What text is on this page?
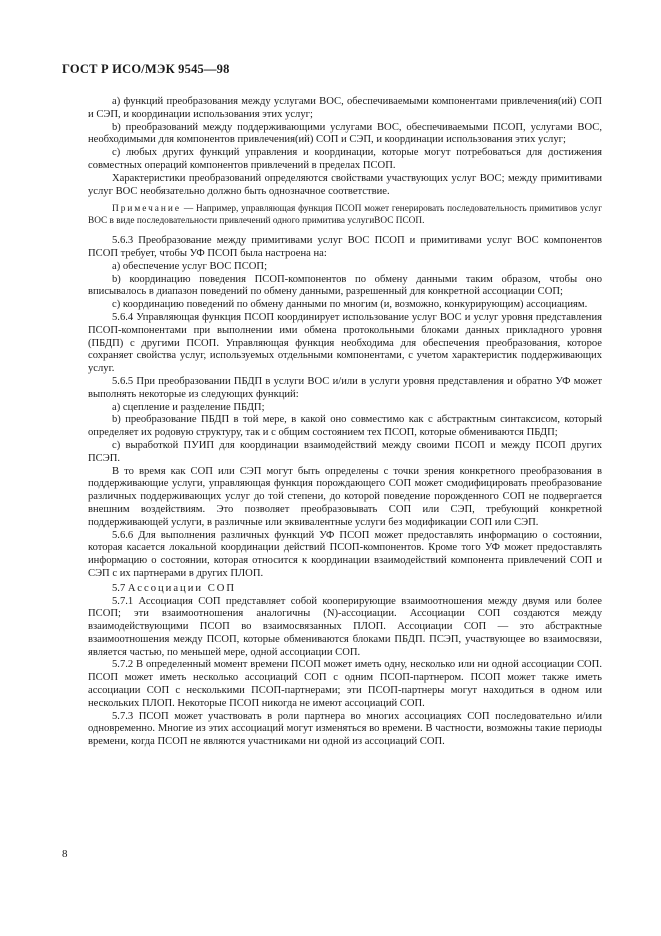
ГОСТ Р ИСО/МЭК 9545—98

а) функций преобразования между услугами ВОС, обеспечиваемыми компонентами привлечения(ий) СОП и СЭП, и координации использования этих услуг;

b) преобразований между поддерживающими услугами ВОС, обеспечиваемыми ПСОП, услугами ВОС, необходимыми для компонентов привлечения(ий) СОП и СЭП, и координации использования этих услуг;

с) любых других функций управления и координации, которые могут потребоваться для достижения совместных операций компонентов привлечений в пределах ПСОП.

Характеристики преобразований определяются свойствами участвующих услуг ВОС; между примитивами услуг ВОС необязательно должно быть однозначное соответствие.

Примечание — Например, управляющая функция ПСОП может генерировать последовательность примитивов услуг ВОС в виде последовательности привлечений одного примитива услугиВОС ПСОП.

5.6.3 Преобразование между примитивами услуг ВОС ПСОП и примитивами услуг ВОС компонентов ПСОП требует, чтобы УФ ПСОП была настроена на:

а) обеспечение услуг ВОС ПСОП;

b) координацию поведения ПСОП-компонентов по обмену данными таким образом, чтобы оно вписывалось в диапазон поведений по обмену данными, разрешенный для конкретной ассоциации СОП;

с) координацию поведений по обмену данными по многим (и, возможно, конкурирующим) ассоциациям.

5.6.4 Управляющая функция ПСОП координирует использование услуг ВОС и услуг уровня представления ПСОП-компонентами при выполнении ими обмена протокольными блоками данных прикладного уровня (ПБДП) с другими ПСОП. Управляющая функция необходима для обеспечения преобразования, которое сохраняет свойства услуг, используемых отдельными компонентами, с учетом характеристик поддерживающих услуг.

5.6.5 При преобразовании ПБДП в услуги ВОС и/или в услуги уровня представления и обратно УФ может выполнять некоторые из следующих функций:

а) сцепление и разделение ПБДП;

b) преобразование ПБДП в той мере, в какой оно совместимо как с абстрактным синтаксисом, который определяет их родовую структуру, так и с общим состоянием тех ПСОП, которые обмениваются ПБДП;

с) выработкой ПУИП для координации взаимодействий между своими ПСОП и между ПСОП других ПСЭП.

В то время как СОП или СЭП могут быть определены с точки зрения конкретного преобразования в поддерживающие услуги, управляющая функция порождающего СОП может смодифицировать преобразование различных поддерживающих услуг до той степени, до которой поведение порожденного СОП не подвергается внешним воздействиям. Это позволяет преобразовывать СОП или СЭП, требующий конкретной поддерживающей услуги, в различные или эквивалентные услуги без модификации СОП или СЭП.

5.6.6 Для выполнения различных функций УФ ПСОП может предоставлять информацию о состоянии, которая касается локальной координации действий ПСОП-компонентов. Кроме того УФ может предоставлять информацию о состоянии, которая относится к координации взаимодействий компонента привлечений СОП и СЭП с их партнерами в других ПЛОП.

5.7 Ассоциации СОП

5.7.1 Ассоциация СОП представляет собой кооперирующие взаимоотношения между двумя или более ПСОП; эти взаимоотношения аналогичны (N)-ассоциации. Ассоциации СОП создаются между взаимодействующими ПСОП во взаимосвязанных ПЛОП. Ассоциации СОП — это абстрактные взаимоотношения между ПСОП, которые обмениваются блоками ПБДП. ПСЭП, участвующее во взаимосвязи, является частью, по меньшей мере, одной ассоциации СОП.

5.7.2 В определенный момент времени ПСОП может иметь одну, несколько или ни одной ассоциации СОП. ПСОП может иметь несколько ассоциаций СОП с одним ПСОП-партнером. ПСОП может также иметь ассоциации СОП с несколькими ПСОП-партнерами; эти ПСОП-партнеры могут находиться в одном или нескольких ПЛОП. Некоторые ПСОП никогда не имеют ассоциаций СОП.

5.7.3 ПСОП может участвовать в роли партнера во многих ассоциациях СОП последовательно и/или одновременно. Многие из этих ассоциаций могут изменяться во времени. В частности, возможны такие периоды времени, когда ПСОП не являются участниками ни одной из ассоциаций СОП.

8
